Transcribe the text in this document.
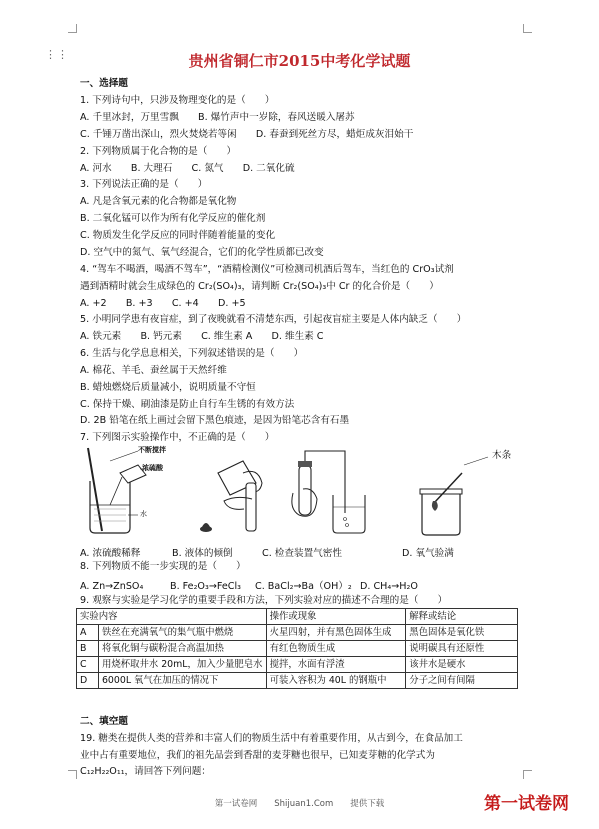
⋮⋮	贵州省铜仁市2015中考化学试题
一、选择题
1. 下列诗句中，只涉及物理变化的是（　　）
A. 千里冰封，万里雪飘　　B. 爆竹声中一岁除，春风送暖入屠苏
C. 千锤万凿出深山，烈火焚烧若等闲　　D. 春蚕到死丝方尽，蜡炬成灰泪始干
2. 下列物质属于化合物的是（　　）
A. 河水　　B. 大理石　　C. 氮气　　D. 二氧化硫
3. 下列说法正确的是（　　）
A. 凡是含氧元素的化合物都是氧化物
B. 二氧化锰可以作为所有化学反应的催化剂
C. 物质发生化学反应的同时伴随着能量的变化
D. 空气中的氮气、氧气经混合，它们的化学性质都已改变
4. “驾车不喝酒，喝酒不驾车”，“酒精检测仪”可检测司机酒后驾车，当红色的 CrO₃试剂
遇到酒精时就会生成绿色的 Cr₂(SO₄)₃，请判断 Cr₂(SO₄)₃中 Cr 的化合价是（　　）
A. +2　　B. +3　　C. +4　　D. +5
5. 小明同学患有夜盲症，到了夜晚就看不清楚东西，引起夜盲症主要是人体内缺乏（　　）
A. 铁元素　　B. 钙元素　　C. 维生素 A　　D. 维生素 C
6. 生活与化学息息相关，下列叙述错误的是（　　）
A. 棉花、羊毛、蚕丝属于天然纤维
B. 蜡烛燃烧后质量减小，说明质量不守恒
C. 保持干燥、刷油漆是防止自行车生锈的有效方法
D. 2B 铅笔在纸上画过会留下黑色痕迹，是因为铅笔芯含有石墨
7. 下列图示实验操作中，不正确的是（　　）
不断搅拌
浓硫酸
水
木条
A. 浓硫酸稀释	B. 液体的倾倒	C. 检查装置气密性	D. 氧气验满
8. 下列物质不能一步实现的是（　　）
A. Zn→ZnSO₄	B. Fe₂O₃→FeCl₃ C. BaCl₂→Ba（OH）₂ D. CH₄→H₂O
9. 观察与实验是学习化学的重要手段和方法，下列实验对应的描述不合理的是（　　）
实验内容		操作或现象	解释或结论
A	铁丝在充满氧气的集气瓶中燃烧	火星四射，并有黑色固体生成	黑色固体是氧化铁
B	将氧化铜与碳粉混合高温加热	有红色物质生成	说明碳具有还原性
C	用烧杯取井水 20mL，加入少量肥皂水	搅拌，水面有浮渣	该井水是硬水
D	6000L 氧气在加压的情况下	可装入容积为 40L 的钢瓶中	分子之间有间隔
二、填空题
19. 糖类在提供人类的营养和丰富人们的物质生活中有着重要作用，从古到今，在食品加工
业中占有重要地位，我们的祖先品尝到香甜的麦芽糖也很早，已知麦芽糖的化学式为
C₁₂H₂₂O₁₁，请回答下列问题：
第一试卷网　　Shijuan1.Com　　提供下载	第一试卷网
